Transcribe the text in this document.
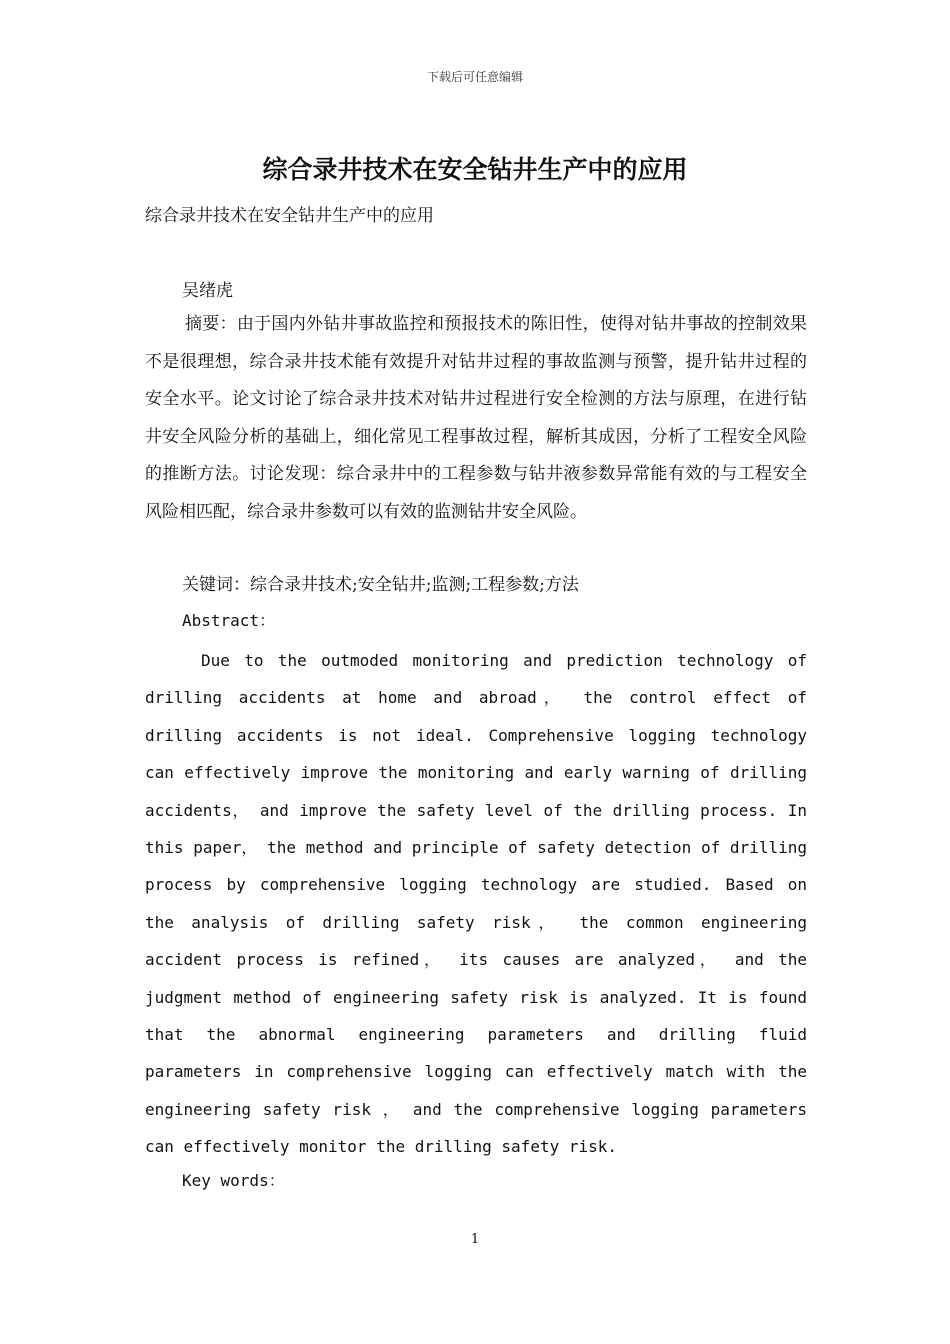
下载后可任意编辑
综合录井技术在安全钻井生产中的应用
综合录井技术在安全钻井生产中的应用
吴绪虎

摘要：由于国内外钻井事故监控和预报技术的陈旧性，使得对钻井事故的控制效果不是很理想，综合录井技术能有效提升对钻井过程的事故监测与预警，提升钻井过程的安全水平。论文讨论了综合录井技术对钻井过程进行安全检测的方法与原理，在进行钻井安全风险分析的基础上，细化常见工程事故过程，解析其成因，分析了工程安全风险的推断方法。讨论发现：综合录井中的工程参数与钻井液参数异常能有效的与工程安全风险相匹配，综合录井参数可以有效的监测钻井安全风险。

关键词：综合录井技术;安全钻井;监测;工程参数;方法
Abstract：

Due to the outmoded monitoring and prediction technology of drilling accidents at home and abroad， the control effect of drilling accidents is not ideal. Comprehensive logging technology can effectively improve the monitoring and early warning of drilling accidents， and improve the safety level of the drilling process. In this paper， the method and principle of safety detection of drilling process by comprehensive logging technology are studied. Based on the analysis of drilling safety risk， the common engineering accident process is refined， its causes are analyzed， and the judgment method of engineering safety risk is analyzed. It is found that the abnormal engineering parameters and drilling fluid parameters in comprehensive logging can effectively match with the engineering safety risk ， and the comprehensive logging parameters can effectively monitor the drilling safety risk.

Key words：
1
